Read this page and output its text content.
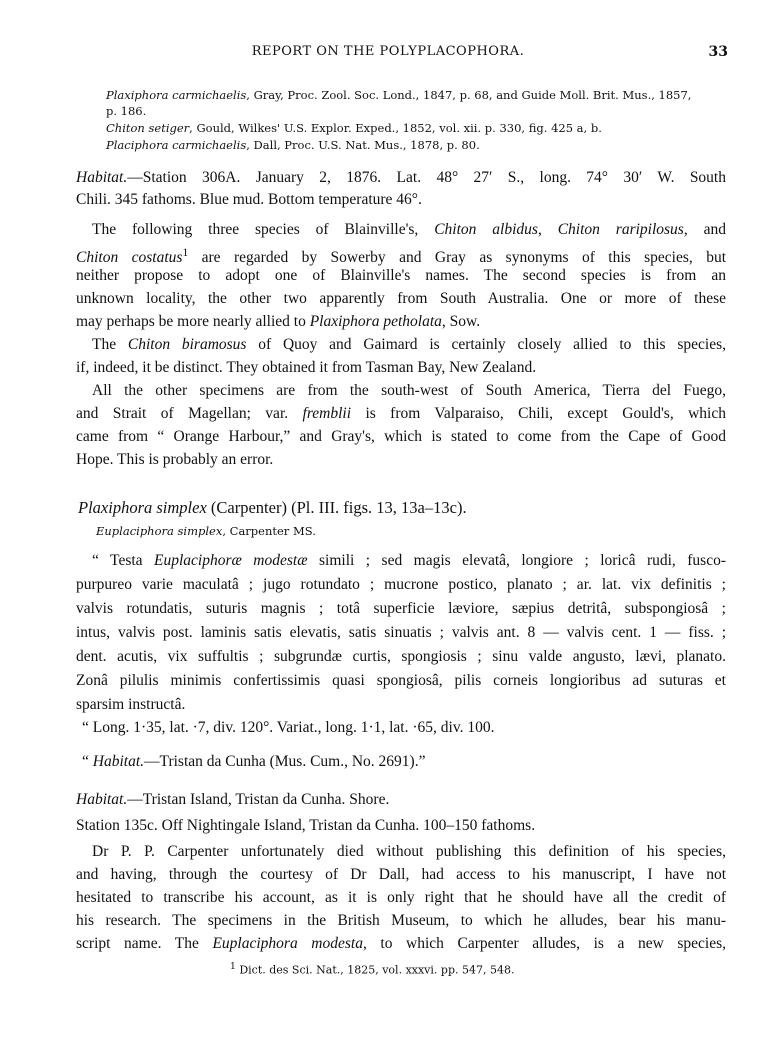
REPORT ON THE POLYPLACOPHORA.	33
Plaxiphora carmichaelis, Gray, Proc. Zool. Soc. Lond., 1847, p. 68, and Guide Moll. Brit. Mus., 1857,
p. 186.
Chiton setiger, Gould, Wilkes' U.S. Explor. Exped., 1852, vol. xii. p. 330, fig. 425 a, b.
Placiphora carmichaelis, Dall, Proc. U.S. Nat. Mus., 1878, p. 80.
Habitat.—Station 306A. January 2, 1876. Lat. 48° 27′ S., long. 74° 30′ W. South
Chili. 345 fathoms. Blue mud. Bottom temperature 46°.
The following three species of Blainville's, Chiton albidus, Chiton raripilosus, and
Chiton costatus$^1$ are regarded by Sowerby and Gray as synonyms of this species, but
neither propose to adopt one of Blainville's names. The second species is from an
unknown locality, the other two apparently from South Australia. One or more of these
may perhaps be more nearly allied to Plaxiphora petholata, Sow.
The Chiton biramosus of Quoy and Gaimard is certainly closely allied to this species,
if, indeed, it be distinct. They obtained it from Tasman Bay, New Zealand.
All the other specimens are from the south-west of South America, Tierra del Fuego,
and Strait of Magellan; var. fremblii is from Valparaiso, Chili, except Gould's, which
came from “ Orange Harbour,” and Gray's, which is stated to come from the Cape of Good
Hope. This is probably an error.
Plaxiphora simplex (Carpenter) (Pl. III. figs. 13, 13a–13c).
Euplaciphora simplex, Carpenter MS.
“ Testa Euplaciphoræ modestæ simili ; sed magis elevatâ, longiore ; loricâ rudi, fusco-
purpureo varie maculatâ ; jugo rotundato ; mucrone postico, planato ; ar. lat. vix definitis ;
valvis rotundatis, suturis magnis ; totâ superficie læviore, sæpius detritâ, subspongiosâ ;
intus, valvis post. laminis satis elevatis, satis sinuatis ; valvis ant. 8 — valvis cent. 1 — fiss. ;
dent. acutis, vix suffultis ; subgrundæ curtis, spongiosis ; sinu valde angusto, lævi, planato.
Zonâ pilulis minimis confertissimis quasi spongiosâ, pilis corneis longioribus ad suturas et
sparsim instructâ.
“ Long. 1·35, lat. ·7, div. 120°. Variat., long. 1·1, lat. ·65, div. 100.
“ Habitat.—Tristan da Cunha (Mus. Cum., No. 2691).”
Habitat.—Tristan Island, Tristan da Cunha. Shore.
Station 135c. Off Nightingale Island, Tristan da Cunha. 100–150 fathoms.
Dr P. P. Carpenter unfortunately died without publishing this definition of his species,
and having, through the courtesy of Dr Dall, had access to his manuscript, I have not
hesitated to transcribe his account, as it is only right that he should have all the credit of
his research. The specimens in the British Museum, to which he alludes, bear his manu-
script name. The Euplaciphora modesta, to which Carpenter alludes, is a new species,
$^1$ Dict. des Sci. Nat., 1825, vol. xxxvi. pp. 547, 548.
